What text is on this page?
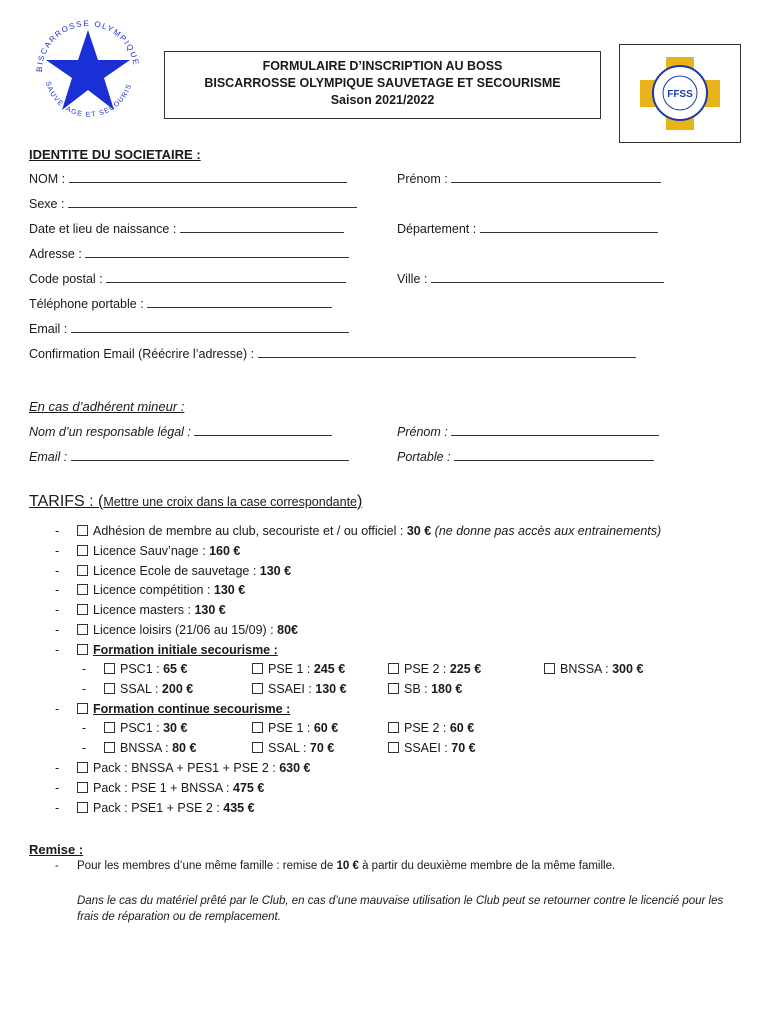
BISCARROSSE OLYMPIQUE
SAUVETAGE ET SECOURIS
FORMULAIRE D’INSCRIPTION AU BOSS
BISCARROSSE OLYMPIQUE SAUVETAGE ET SECOURISME
Saison 2021/2022	FFSS
IDENTITE DU SOCIETAIRE :
NOM :	Prénom :
Sexe :
Date et lieu de naissance :	Département :
Adresse :
Code postal :	Ville :
Téléphone portable :
Email :
Confirmation Email (Réécrire l’adresse) :
En cas d’adhérent mineur :
Nom d’un responsable légal :	Prénom :
Email :	Portable :
TARIFS : (Mettre une croix dans la case correspondante)
-	Adhésion de membre au club, secouriste et / ou officiel : 30 € (ne donne pas accès aux entrainements)
-	Licence Sauv’nage : 160 €
-	Licence Ecole de sauvetage : 130 €
-	Licence compétition : 130 €
-	Licence masters : 130 €
-	Licence loisirs (21/06 au 15/09) : 80€
-	Formation initiale secourisme :
-	PSC1 : 65 €	PSE 1 : 245 €	PSE 2 : 225 €	BNSSA : 300 €
-	SSAL : 200 €	SSAEI : 130 €	SB : 180 €
-	Formation continue secourisme :
-	PSC1 : 30 €	PSE 1 : 60 €	PSE 2 : 60 €
-	BNSSA : 80 €	SSAL : 70 €	SSAEI : 70 €
-	Pack : BNSSA + PES1 + PSE 2 : 630 €
-	Pack : PSE 1 + BNSSA : 475 €
-	Pack : PSE1 + PSE 2 : 435 €
Remise :
- Pour les membres d’une même famille : remise de 10 € à partir du deuxième membre de la même famille.
Dans le cas du matériel prêté par le Club, en cas d’une mauvaise utilisation le Club peut se retourner contre le licencié pour les frais de réparation ou de remplacement.
